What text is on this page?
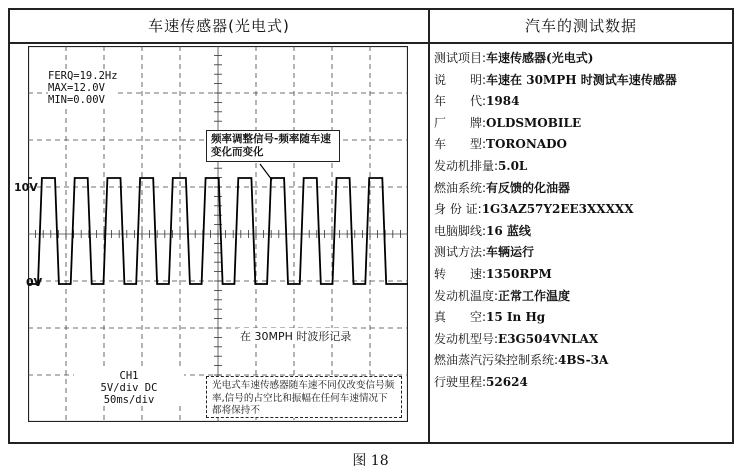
车速传感器(光电式)	汽车的测试数据
FERQ=19.2Hz
MAX=12.0V
MIN=0.00V
10V
0V
频率调整信号-频率随车速变化而变化
在 30MPH 时波形记录
CH1
5V/div DC
50ms/div
光电式车速传感器随车速不同仅改变信号频率,信号的占空比和振幅在任何车速情况下都将保持不
测试项目:车速传感器(光电式)
说　　明:车速在 30MPH 时测试车速传感器
年　　代:1984
厂　　牌:OLDSMOBILE
车　　型:TORONADO
发动机排量:5.0L
燃油系统:有反馈的化油器
身 份 证:1G3AZ57Y2EE3XXXXX
电脑脚线:16 蓝线
测试方法:车辆运行
转　　速:1350RPM
发动机温度:正常工作温度
真　　空:15 In Hg
发动机型号:E3G504VNLAX
燃油蒸汽污染控制系统:4BS-3A
行驶里程:52624
图 18
